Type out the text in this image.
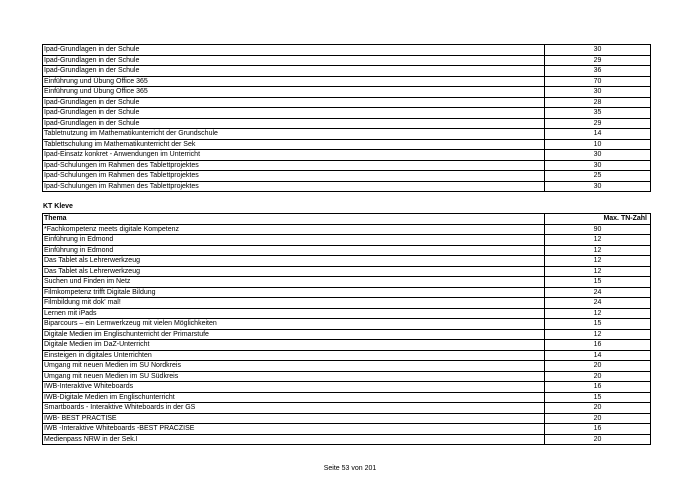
Ipad-Grundlagen in der Schule	30
Ipad-Grundlagen in der Schule	29
Ipad-Grundlagen in der Schule	36
Einführung und Übung Office 365	70
Einführung und Übung Office 365	30
Ipad-Grundlagen in der Schule	28
Ipad-Grundlagen in der Schule	35
Ipad-Grundlagen in der Schule	29
Tabletnutzung im Mathematikunterricht der Grundschule	14
Tablettschulung im Mathematikunterricht der Sek	10
Ipad-Einsatz konkret - Anwendungen im Unterricht	30
Ipad-Schulungen im Rahmen des Tablettprojektes	30
Ipad-Schulungen im Rahmen des Tablettprojektes	25
Ipad-Schulungen im Rahmen des Tablettprojektes	30
KT Kleve
Thema	Max. TN-Zahl
*Fachkompetenz meets digitale Kompetenz	90
Einführung in Edmond	12
Einführung in Edmond	12
Das Tablet als Lehrerwerkzeug	12
Das Tablet als Lehrerwerkzeug	12
Suchen und Finden im Netz	15
Filmkompetenz trifft Digitale Bildung	24
Filmbildung mit dok' mal!	24
Lernen mit iPads	12
Biparcours – ein Lernwerkzeug mit vielen Möglichkeiten	15
Digitale Medien im Englischunterricht der Primarstufe	12
Digitale Medien im DaZ-Unterricht	16
Einsteigen in digitales Unterrichten	14
Umgang mit neuen Medien im SU Nordkreis	20
Umgang mit neuen Medien im SU Südkreis	20
IWB-Interaktive Whiteboards	16
IWB-Digitale Medien im Englischunterricht	15
Smartboards - Interaktive Whiteboards in der GS	20
IWB- BEST PRACTISE	20
IWB -Interaktive Whiteboards -BEST PRACZISE	16
Medienpass NRW in der Sek.I	20
Seite 53 von 201
